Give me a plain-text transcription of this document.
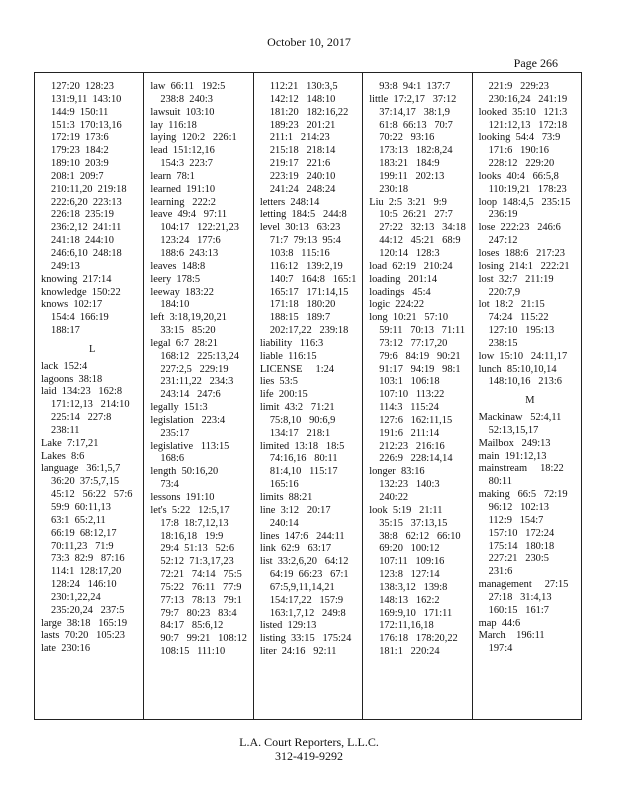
October 10, 2017
Page 266
127:20  128:23
131:9,11  143:10
144:9  150:11
151:3  170:13,16
172:19  173:6
179:23  184:2
189:10  203:9
208:1  209:7
210:11,20  219:18
222:6,20  223:13
226:18  235:19
236:2,12  241:11
241:18  244:10
246:6,10  248:18
249:13
knowing  217:14
knowledge  150:22
knows  102:17
154:4  166:19
188:17
L
lack  152:4
lagoons  38:18
laid  134:23   162:8
171:12,13   214:10
225:14   227:8
238:11
Lake  7:17,21
Lakes  8:6
language   36:1,5,7
36:20  37:5,7,15
45:12   56:22   57:6
59:9  60:11,13
63:1  65:2,11
66:19  68:12,17
70:11,23   71:9
73:3  82:9   87:16
114:1  128:17,20
128:24   146:10
230:1,22,24
235:20,24   237:5
large  38:18   165:19
lasts  70:20   105:23
late  230:16
law  66:11   192:5
238:8  240:3
lawsuit  103:10
lay  116:18
laying  120:2   226:1
lead  151:12,16
154:3  223:7
learn  78:1
learned  191:10
learning   222:2
leave  49:4   97:11
104:17   122:21,23
123:24   177:6
188:6  243:13
leaves  148:8
leery  178:5
leeway  183:22
184:10
left  3:18,19,20,21
33:15   85:20
legal  6:7  28:21
168:12   225:13,24
227:2,5   229:19
231:11,22   234:3
243:14   247:6
legally  151:3
legislation   223:4
235:17
legislative   113:15
168:6
length  50:16,20
73:4
lessons  191:10
let's  5:22   12:5,17
17:8  18:7,12,13
18:16,18   19:9
29:4  51:13   52:6
52:12  71:3,17,23
72:21   74:14   75:5
75:22   76:11   77:9
77:13   78:13   79:1
79:7   80:23   83:4
84:17   85:6,12
90:7   99:21   108:12
108:15   111:10
112:21   130:3,5
142:12   148:10
181:20   182:16,22
189:23   201:21
211:1   214:23
215:18   218:14
219:17   221:6
223:19   240:10
241:24   248:24
letters  248:14
letting  184:5   244:8
level  30:13   63:23
71:7  79:13  95:4
103:8   115:16
116:12   139:2,19
140:7   164:8   165:1
165:17   171:14,15
171:18   180:20
188:15   189:7
202:17,22   239:18
liability   116:3
liable  116:15
LICENSE     1:24
lies  53:5
life  200:15
limit  43:2   71:21
75:8,10   90:6,9
134:17   218:1
limited  13:18   18:5
74:16,16   80:11
81:4,10   115:17
165:16
limits  88:21
line  3:12   20:17
240:14
lines  147:6   244:11
link  62:9   63:17
list  33:2,6,20   64:12
64:19  66:23   67:1
67:5,9,11,14,21
154:17,22   157:9
163:1,7,12   249:8
listed  129:13
listing  33:15   175:24
liter  24:16   92:11
93:8  94:1  137:7
little  17:2,17   37:12
37:14,17   38:1,9
61:8  66:13   70:7
70:22   93:16
173:13   182:8,24
183:21   184:9
199:11   202:13
230:18
Liu  2:5  3:21   9:9
10:5  26:21   27:7
27:22   32:13   34:18
44:12   45:21   68:9
120:14   128:3
load  62:19   210:24
loading   201:14
loadings   45:4
logic  224:22
long  10:21   57:10
59:11   70:13   71:11
73:12   77:17,20
79:6   84:19   90:21
91:17   94:19   98:1
103:1   106:18
107:10   113:22
114:3   115:24
127:6   162:11,15
191:6   211:14
212:23   216:16
226:9   228:14,14
longer  83:16
132:23   140:3
240:22
look  5:19   21:11
35:15   37:13,15
38:8   62:12   66:10
69:20   100:12
107:11   109:16
123:8   127:14
138:3,12   139:8
148:13   162:2
169:9,10   171:11
172:11,16,18
176:18   178:20,22
181:1   220:24
221:9   229:23
230:16,24   241:19
looked  35:10   121:3
121:12,13   172:18
looking  54:4   73:9
171:6   190:16
228:12   229:20
looks  40:4   66:5,8
110:19,21   178:23
loop  148:4,5   235:15
236:19
lose  222:23   246:6
247:12
loses  188:6   217:23
losing  214:1   222:21
lost  32:7   211:19
220:7,9
lot  18:2   21:15
74:24   115:22
127:10   195:13
238:15
low  15:10   24:11,17
lunch  85:10,10,14
148:10,16   213:6
M
Mackinaw   52:4,11
52:13,15,17
Mailbox   249:13
main  191:12,13
mainstream     18:22
80:11
making   66:5   72:19
96:12   102:13
112:9   154:7
157:10   172:24
175:14   180:18
227:21   230:5
231:6
management     27:15
27:18   31:4,13
160:15   161:7
map  44:6
March    196:11
197:4
L.A. Court Reporters, L.L.C.
312-419-9292
